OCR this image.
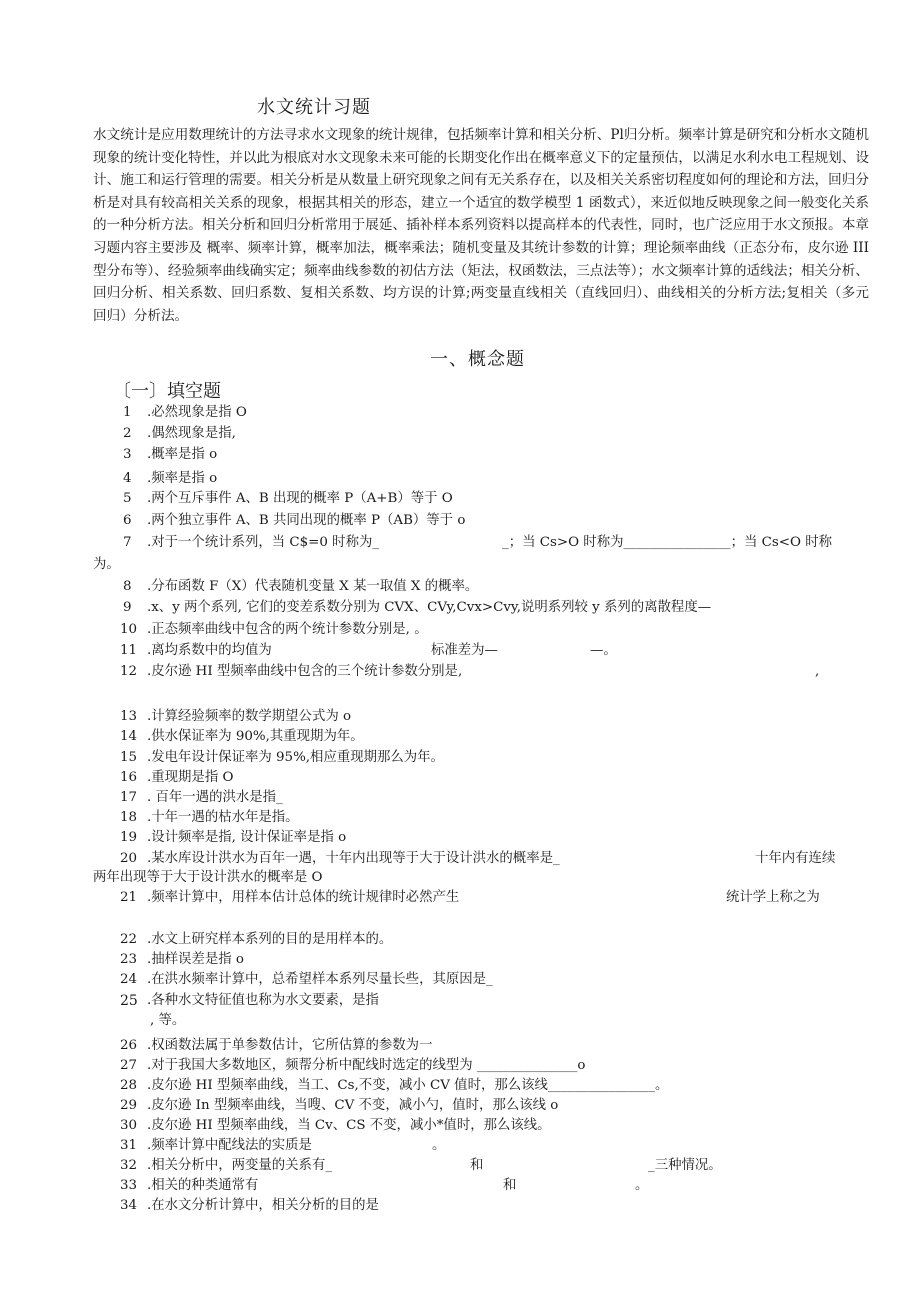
水文统计习题
水文统计是应用数理统计的方法寻求水文现象的统计规律，包括频率计算和相关分析、Pl归分析。频率计算是研究和分析水文随机现象的统计变化特性，并以此为根底对水文现象未来可能的长期变化作出在概率意义下的定量预估，以满足水利水电工程规划、设计、施工和运行管理的需要。相关分析是从数量上研究现象之间有无关系存在，以及相关关系密切程度如何的理论和方法，回归分析是对具有较高相关关系的现象，根据其相关的形态，建立一个适宜的数学模型 1 函数式），来近似地反映现象之间一般变化关系的一种分析方法。相关分析和回归分析常用于展延、插补样本系列资料以提高样本的代表性，同时，也广泛应用于水文预报。本章习题内容主要涉及 概率、频率计算，概率加法，概率乘法；随机变量及其统计参数的计算；理论频率曲线（正态分布，皮尔逊 III 型分布等）、经验频率曲线确实定；频率曲线参数的初估方法（矩法，权函数法，三点法等）；水文频率计算的适线法；相关分析、回归分析、相关系数、回归系数、复相关系数、均方误的计算;两变量直线相关（直线回归）、曲线相关的分析方法;复相关（多元回归）分析法。
一、概念题
〔一〕填空题
1 .必然现象是指 O
2 .偶然现象是指,
3 .概率是指 o
4 .频率是指 o
5 .两个互斥事件 A、B 出现的概率 P（A+B）等于 O
6 .两个独立事件 A、B 共同出现的概率 P（AB）等于 o
7 .对于一个统计系列，当 C$=0 时称为_	_；当 Cs>O 时称为________________；当 Cs<O 时称
为。
8 .分布函数 F（X）代表随机变量 X 某一取值 X 的概率。
9 .x、y 两个系列, 它们的变差系数分别为 CVX、CVy,Cvx>Cvy,说明系列较 y 系列的离散程度—
10 .正态频率曲线中包含的两个统计参数分别是, 。
11 .离均系数中的均值为	标准差为—	—。
12 .皮尔逊 HI 型频率曲线中包含的三个统计参数分别是,	,
13 .计算经验频率的数学期望公式为 o
14 .供水保证率为 90%,其重现期为年。
15 .发电年设计保证率为 95%,相应重现期那么为年。
16 .重现期是指 O
17 . 百年一遇的洪水是指_
18 .十年一遇的枯水年是指。
19 .设计频率是指, 设计保证率是指 o
20 .某水库设计洪水为百年一遇，十年内出现等于大于设计洪水的概率是_	十年内有连续
两年出现等于大于设计洪水的概率是 O
21 .频率计算中，用样本估计总体的统计规律时必然产生	统计学上称之为
22 .水文上研究样本系列的目的是用样本的。
23 .抽样误差是指 o
24 .在洪水频率计算中，总希望样本系列尽量长些，其原因是_
25 .各种水文特征值也称为水文要素，是指
, 等。
26 .权函数法属于单参数估计，它所估算的参数为一
27 .对于我国大多数地区，频帮分析中配线时选定的线型为 _______________o
28 .皮尔逊 HI 型频率曲线，当工、Cs,不变，减小 CV 值时，那么该线________________。
29 .皮尔逊 In 型频率曲线，当嗖、CV 不变，减小勺，值时，那么该线 o
30 .皮尔逊 HI 型频率曲线，当 Cv、CS 不变，减小*值时，那么该线。
31 .频率计算中配线法的实质是	。
32 .相关分析中，两变量的关系有_	和	_三种情况。
33 .相关的种类通常有	和	。
34 .在水文分析计算中，相关分析的目的是
